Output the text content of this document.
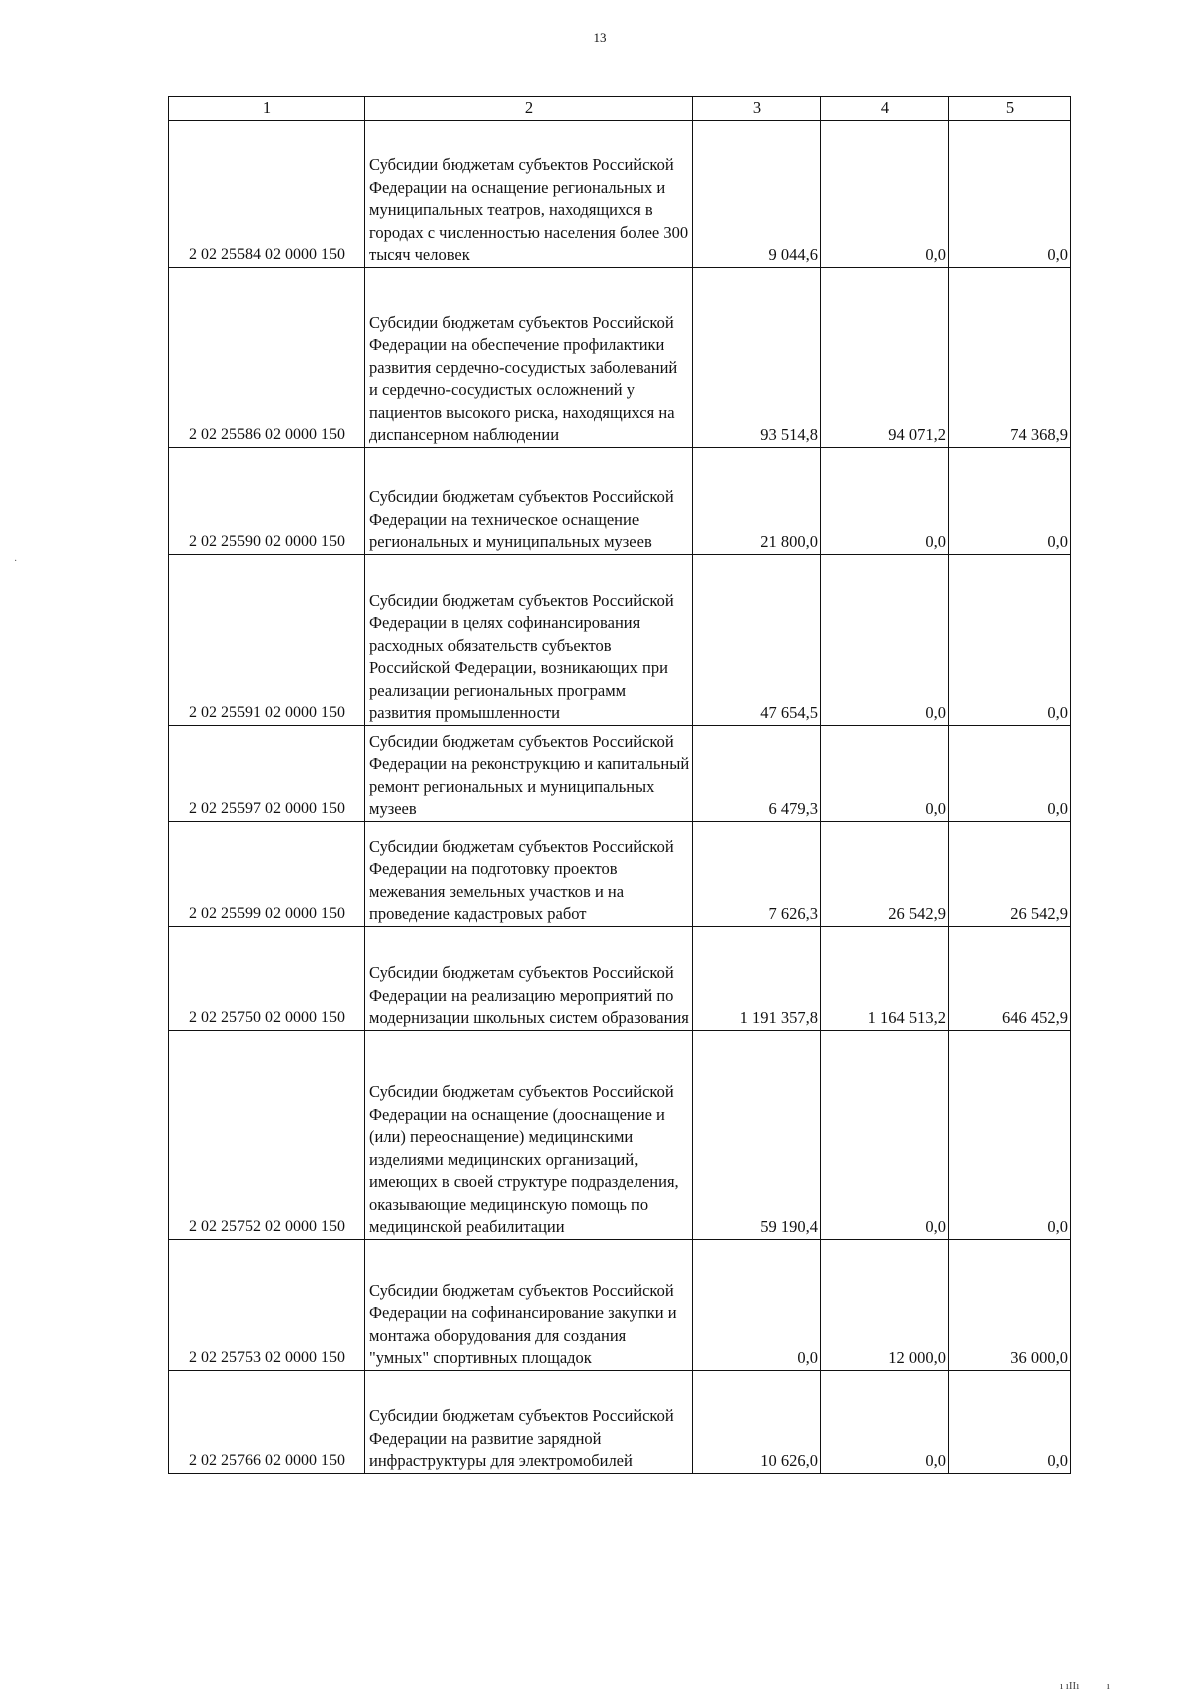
13
·
1	2	3	4	5
2 02 25584 02 0000 150	Субсидии бюджетам субъектов Российской Федерации на оснащение региональных и муниципальных театров, находящихся в городах с численностью населения более 300 тысяч человек	9 044,6	0,0	0,0
2 02 25586 02 0000 150	Субсидии бюджетам субъектов Российской Федерации на обеспечение профилактики развития сердечно-сосудистых заболеваний и сердечно-сосудистых осложнений у пациентов высокого риска, находящихся на диспансерном наблюдении	93 514,8	94 071,2	74 368,9
2 02 25590 02 0000 150	Субсидии бюджетам субъектов Российской Федерации на техническое оснащение региональных и муниципальных музеев	21 800,0	0,0	0,0
2 02 25591 02 0000 150	Субсидии бюджетам субъектов Российской Федерации в целях софинансирования расходных обязательств субъектов Российской Федерации, возникающих при реализации региональных программ развития промышленности	47 654,5	0,0	0,0
2 02 25597 02 0000 150	Субсидии бюджетам субъектов Российской Федерации на реконструкцию и капитальный ремонт региональных и муниципальных музеев	6 479,3	0,0	0,0
2 02 25599 02 0000 150	Субсидии бюджетам субъектов Российской Федерации на подготовку проектов межевания земельных участков и на проведение кадастровых работ	7 626,3	26 542,9	26 542,9
2 02 25750 02 0000 150	Субсидии бюджетам субъектов Российской Федерации на реализацию мероприятий по модернизации школьных систем образования	1 191 357,8	1 164 513,2	646 452,9
2 02 25752 02 0000 150	Субсидии бюджетам субъектов Российской Федерации на оснащение (дооснащение и (или) переоснащение) медицинскими изделиями медицинских организаций, имеющих в своей структуре подразделения, оказывающие медицинскую помощь по медицинской реабилитации	59 190,4	0,0	0,0
2 02 25753 02 0000 150	Субсидии бюджетам субъектов Российской Федерации на софинансирование закупки и монтажа оборудования для создания "умных" спортивных площадок	0,0	12 000,0	36 000,0
2 02 25766 02 0000 150	Субсидии бюджетам субъектов Российской Федерации на развитие зарядной инфраструктуры для электромобилей	10 626,0	0,0	0,0
ı ıΙΙı          ı
